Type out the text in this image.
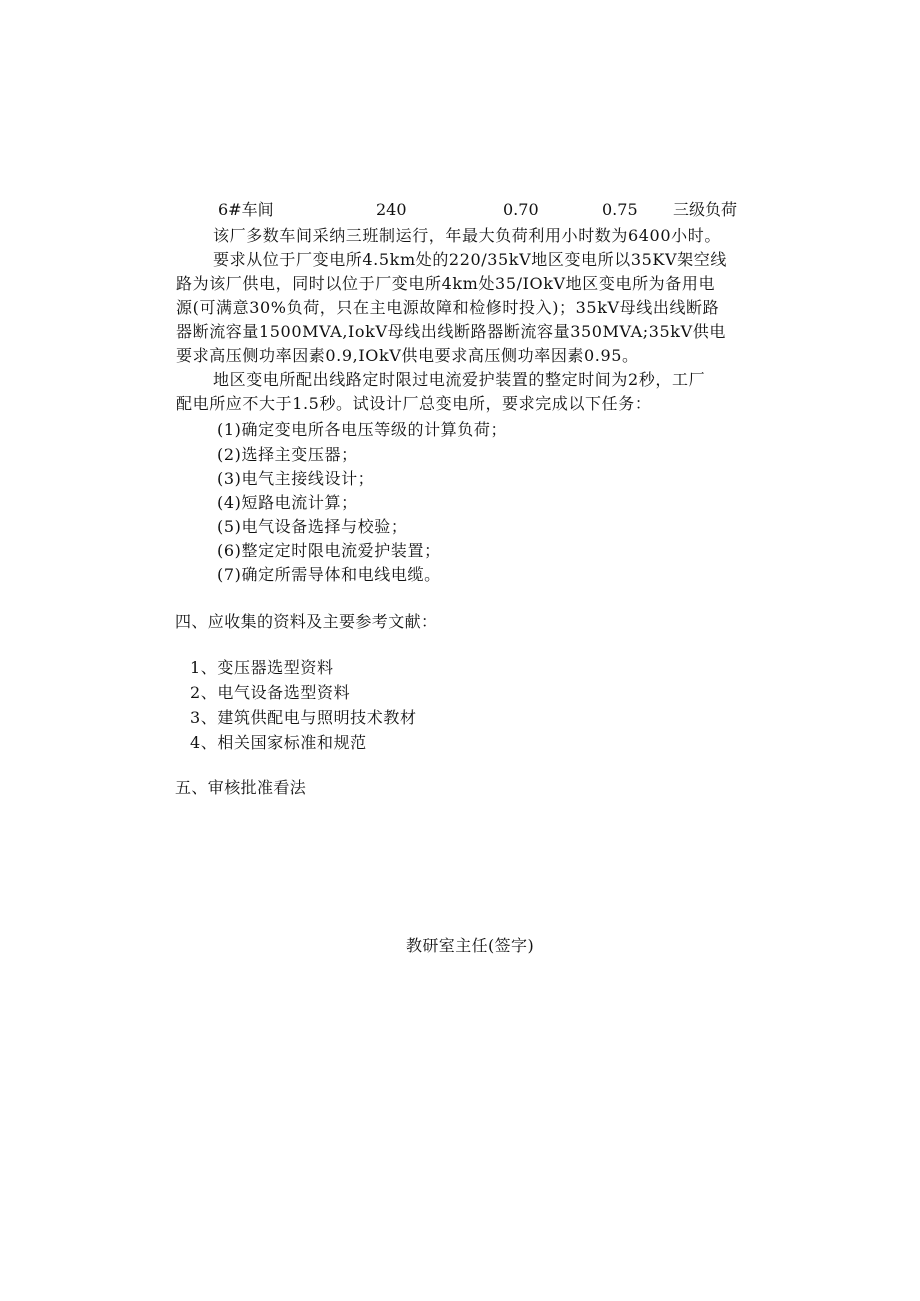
6#车间	240	0.70	0.75 三级负荷
该厂多数车间采纳三班制运行，年最大负荷利用小时数为6400小时。
要求从位于厂变电所4.5km处的220/35kV地区变电所以35KV架空线
路为该厂供电，同时以位于厂变电所4km处35/IOkV地区变电所为备用电
源(可满意30%负荷，只在主电源故障和检修时投入)；35kV母线出线断路
器断流容量1500MVA,IokV母线出线断路器断流容量350MVA;35kV供电
要求高压侧功率因素0.9,IOkV供电要求高压侧功率因素0.95。
地区变电所配出线路定时限过电流爱护装置的整定时间为2秒，工厂
配电所应不大于1.5秒。试设计厂总变电所，要求完成以下任务：
(1)确定变电所各电压等级的计算负荷；
(2)选择主变压器；
(3)电气主接线设计；
(4)短路电流计算；
(5)电气设备选择与校验；
(6)整定定时限电流爱护装置；
(7)确定所需导体和电线电缆。
四、应收集的资料及主要参考文献：
1、变压器选型资料
2、电气设备选型资料
3、建筑供配电与照明技术教材
4、相关国家标准和规范
五、审核批准看法
教研室主任(签字)
